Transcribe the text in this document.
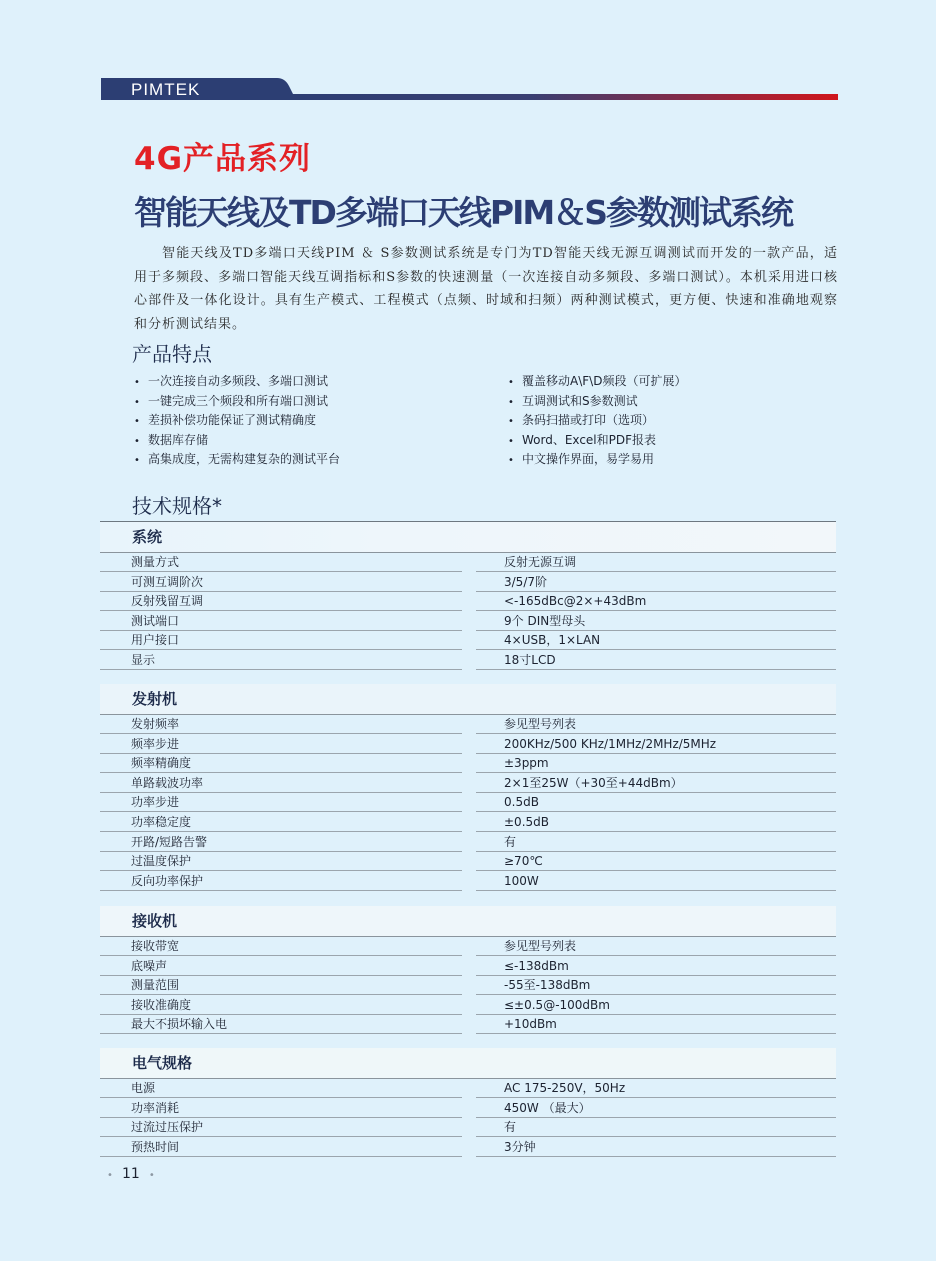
PIMTEK
4G产品系列
智能天线及TD多端口天线PIM＆S参数测试系统

智能天线及TD多端口天线PIM ＆ S参数测试系统是专门为TD智能天线无源互调测试而开发的一款产品，适用于多频段、多端口智能天线互调指标和S参数的快速测量（一次连接自动多频段、多端口测试）。本机采用进口核心部件及一体化设计。具有生产模式、工程模式（点频、时域和扫频）两种测试模式，更方便、快速和准确地观察和分析测试结果。

产品特点
• 一次连接自动多频段、多端口测试
• 一键完成三个频段和所有端口测试
• 差损补偿功能保证了测试精确度
• 数据库存储
• 高集成度，无需构建复杂的测试平台
• 覆盖移动A\F\D频段（可扩展）
• 互调测试和S参数测试
• 条码扫描或打印（选项）
• Word、Excel和PDF报表
• 中文操作界面，易学易用
技术规格*
系统
测量方式	反射无源互调
可测互调阶次	3/5/7阶
反射残留互调	<-165dBc@2×+43dBm
测试端口	9个 DIN型母头
用户接口	4×USB，1×LAN
显示	18寸LCD
发射机
发射频率	参见型号列表
频率步进	200KHz/500 KHz/1MHz/2MHz/5MHz
频率精确度	±3ppm
单路载波功率	2×1至25W（+30至+44dBm）
功率步进	0.5dB
功率稳定度	±0.5dB
开路/短路告警	有
过温度保护	≥70℃
反向功率保护	100W
接收机
接收带宽	参见型号列表
底噪声	≤-138dBm
测量范围	-55至-138dBm
接收准确度	≤±0.5@-100dBm
最大不损坏输入电	+10dBm
电气规格
电源	AC 175-250V，50Hz
功率消耗	450W （最大）
过流过压保护	有
预热时间	3分钟
• 11 •
